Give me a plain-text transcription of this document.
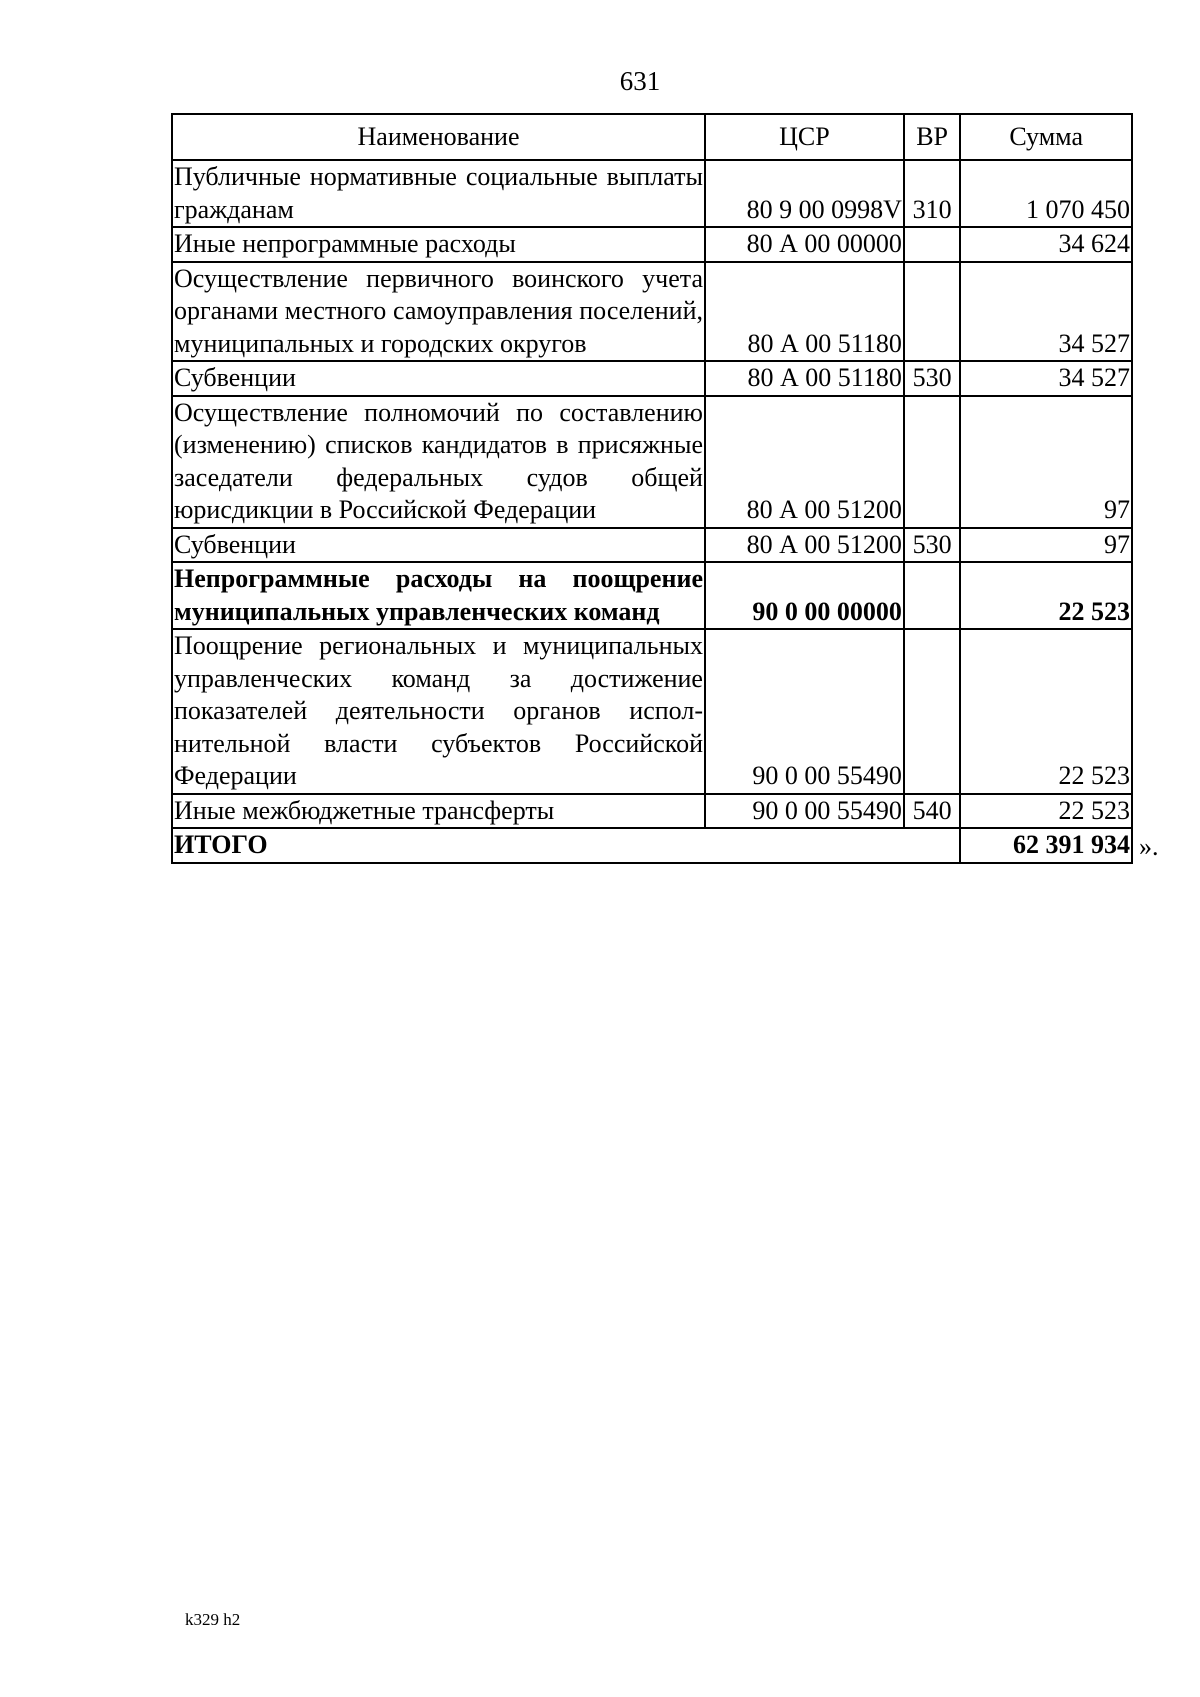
631
Наименование	ЦСР	ВР	Сумма
Публичные нормативные социальные выплаты гражданам	80 9 00 0998V	310	1 070 450
Иные непрограммные расходы	80 А 00 00000		34 624
Осуществление первичного воинского учета органами местного самоуправления поселений, муниципальных и городских округов	80 А 00 51180		34 527
Субвенции	80 А 00 51180	530	34 527
Осуществление полномочий по составлению (изменению) списков кандидатов в присяжные заседатели федеральных судов общей юрисдикции в Российской Федерации	80 А 00 51200		97
Субвенции	80 А 00 51200	530	97
Непрограммные расходы на поощрение муниципальных управленческих команд	90 0 00 00000		22 523
Поощрение региональных и муниципальных управленческих команд за достижение показателей деятельности органов исполнительной власти субъектов Российской Федерации	90 0 00 55490		22 523
Иные межбюджетные трансферты	90 0 00 55490	540	22 523
ИТОГО			62 391 934 ».
k329 h2
